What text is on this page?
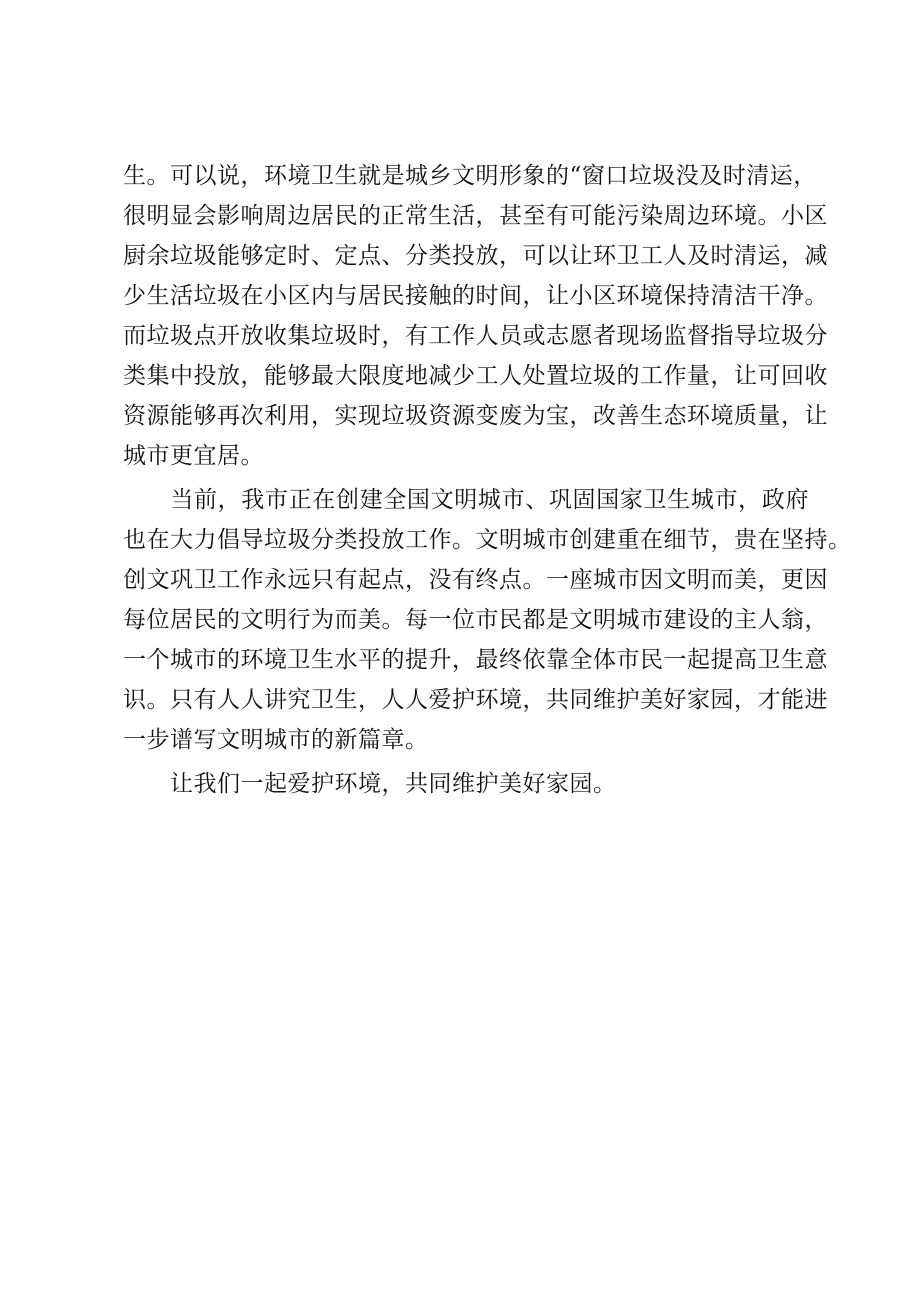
生。可以说，环境卫生就是城乡文明形象的“窗口垃圾没及时清运，
很明显会影响周边居民的正常生活，甚至有可能污染周边环境。小区
厨余垃圾能够定时、定点、分类投放，可以让环卫工人及时清运，减
少生活垃圾在小区内与居民接触的时间，让小区环境保持清洁干净。
而垃圾点开放收集垃圾时，有工作人员或志愿者现场监督指导垃圾分
类集中投放，能够最大限度地减少工人处置垃圾的工作量，让可回收
资源能够再次利用，实现垃圾资源变废为宝，改善生态环境质量，让
城市更宜居。
　　当前，我市正在创建全国文明城市、巩固国家卫生城市，政府
也在大力倡导垃圾分类投放工作。文明城市创建重在细节，贵在坚持。
创文巩卫工作永远只有起点，没有终点。一座城市因文明而美，更因
每位居民的文明行为而美。每一位市民都是文明城市建设的主人翁，
一个城市的环境卫生水平的提升，最终依靠全体市民一起提高卫生意
识。只有人人讲究卫生，人人爱护环境，共同维护美好家园，才能进
一步谱写文明城市的新篇章。
　　让我们一起爱护环境，共同维护美好家园。
